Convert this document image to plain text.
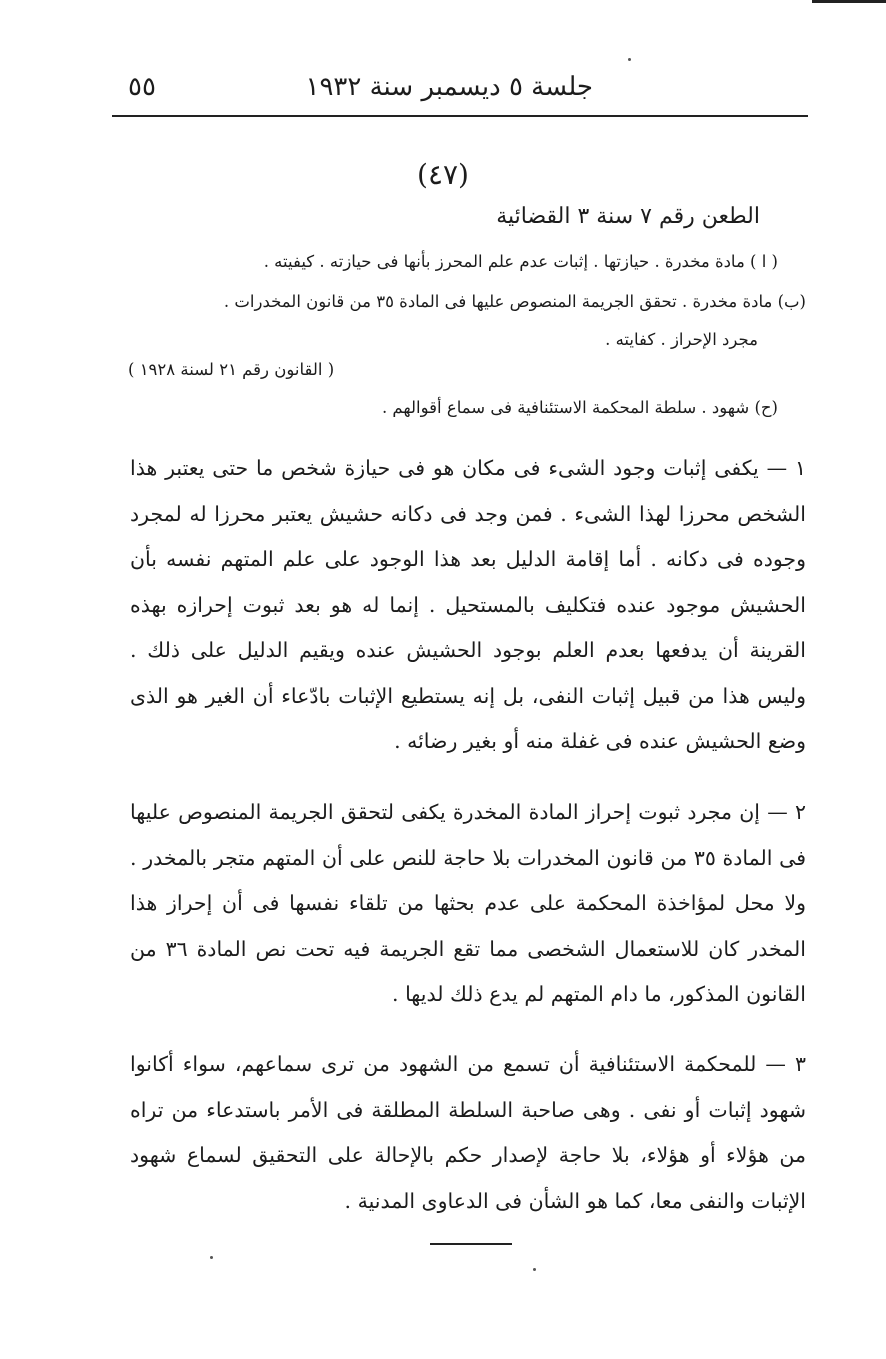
جلسة ٥ ديسمبر سنة ١٩٣٢
٥٥
(٤٧)
الطعن رقم ٧ سنة ٣ القضائية
( ا ) مادة مخدرة . حيازتها . إثبات عدم علم المحرز بأنها فى حيازته . كيفيته .
(ب) مادة مخدرة . تحقق الجريمة المنصوص عليها فى المادة ٣٥ من قانون المخدرات .
مجرد الإحراز . كفايته .
( القانون رقم ٢١ لسنة ١٩٢٨ )
(ح) شهود . سلطة المحكمة الاستئنافية فى سماع أقوالهم .
١ — يكفى إثبات وجود الشىء فى مكان هو فى حيازة شخص ما حتى يعتبر هذا الشخص محرزا لهذا الشىء . فمن وجد فى دكانه حشيش يعتبر محرزا له لمجرد وجوده فى دكانه . أما إقامة الدليل بعد هذا الوجود على علم المتهم نفسه بأن الحشيش موجود عنده فتكليف بالمستحيل . إنما له هو بعد ثبوت إحرازه بهذه القرينة أن يدفعها بعدم العلم بوجود الحشيش عنده ويقيم الدليل على ذلك . وليس هذا من قبيل إثبات النفى، بل إنه يستطيع الإثبات بادّعاء أن الغير هو الذى وضع الحشيش عنده فى غفلة منه أو بغير رضائه .
٢ — إن مجرد ثبوت إحراز المادة المخدرة يكفى لتحقق الجريمة المنصوص عليها فى المادة ٣٥ من قانون المخدرات بلا حاجة للنص على أن المتهم متجر بالمخدر . ولا محل لمؤاخذة المحكمة على عدم بحثها من تلقاء نفسها فى أن إحراز هذا المخدر كان للاستعمال الشخصى مما تقع الجريمة فيه تحت نص المادة ٣٦ من القانون المذكور، ما دام المتهم لم يدع ذلك لديها .
٣ — للمحكمة الاستئنافية أن تسمع من الشهود من ترى سماعهم، سواء أكانوا شهود إثبات أو نفى . وهى صاحبة السلطة المطلقة فى الأمر باستدعاء من تراه من هؤلاء أو هؤلاء، بلا حاجة لإصدار حكم بالإحالة على التحقيق لسماع شهود الإثبات والنفى معا، كما هو الشأن فى الدعاوى المدنية .
